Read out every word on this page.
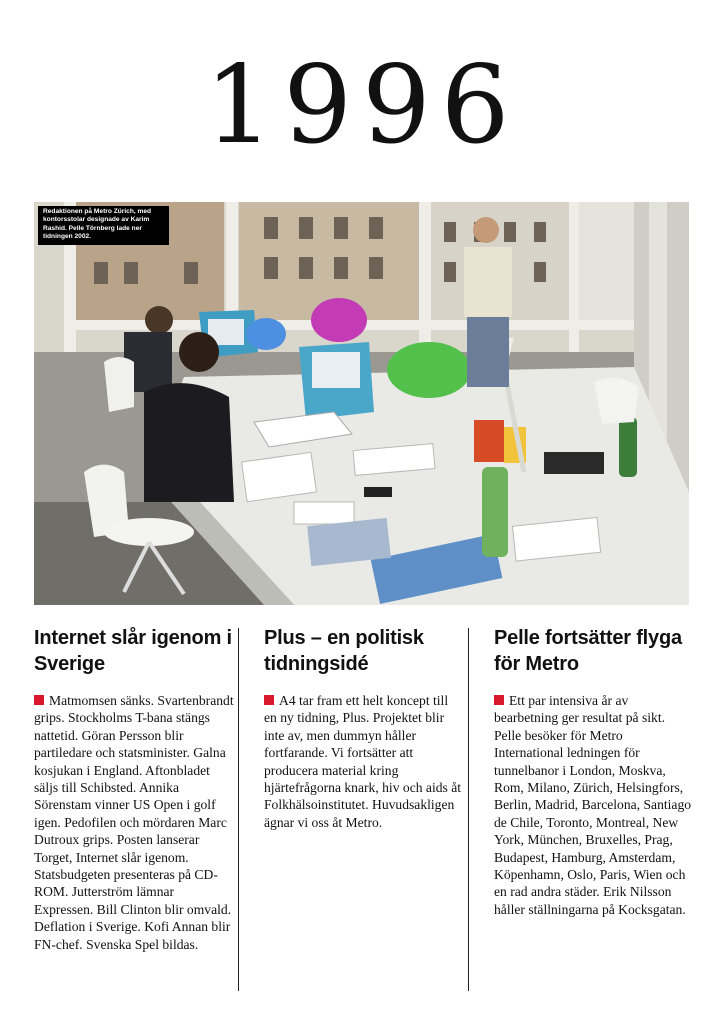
1996
Redaktionen på Metro Zürich, med kontorsstolar designade av Karim Rashid. Pelle Törnberg lade ner tidningen 2002.
Internet slår igenom i Sverige

Matmomsen sänks. Svartenbrandt grips. Stockholms T-bana stängs nattetid. Göran Persson blir partiledare och statsminister. Galna kosjukan i England. Aftonbladet säljs till Schibsted. Annika Sörenstam vinner US Open i golf igen. Pedofilen och mördaren Marc Dutroux grips. Posten lanserar Torget, Internet slår igenom. Statsbudgeten presenteras på CD-ROM. Jutterström lämnar Expressen. Bill Clinton blir omvald. Deflation i Sverige. Kofi Annan blir FN-chef. Svenska Spel bildas.

Plus – en politisk tidningsidé

A4 tar fram ett helt koncept till en ny tidning, Plus. Projektet blir inte av, men dummyn håller fortfarande. Vi fortsätter att producera material kring hjärtefrågorna knark, hiv och aids åt Folkhälsoinstitutet. Huvudsakligen ägnar vi oss åt Metro.

Pelle fortsätter flyga för Metro

Ett par intensiva år av bearbetning ger resultat på sikt. Pelle besöker för Metro International ledningen för tunnelbanor i London, Moskva, Rom, Milano, Zürich, Helsingfors, Berlin, Madrid, Barcelona, Santiago de Chile, Toronto, Montreal, New York, München, Bruxelles, Prag, Budapest, Hamburg, Amsterdam, Köpenhamn, Oslo, Paris, Wien och en rad andra städer. Erik Nilsson håller ställningarna på Kocksgatan.
